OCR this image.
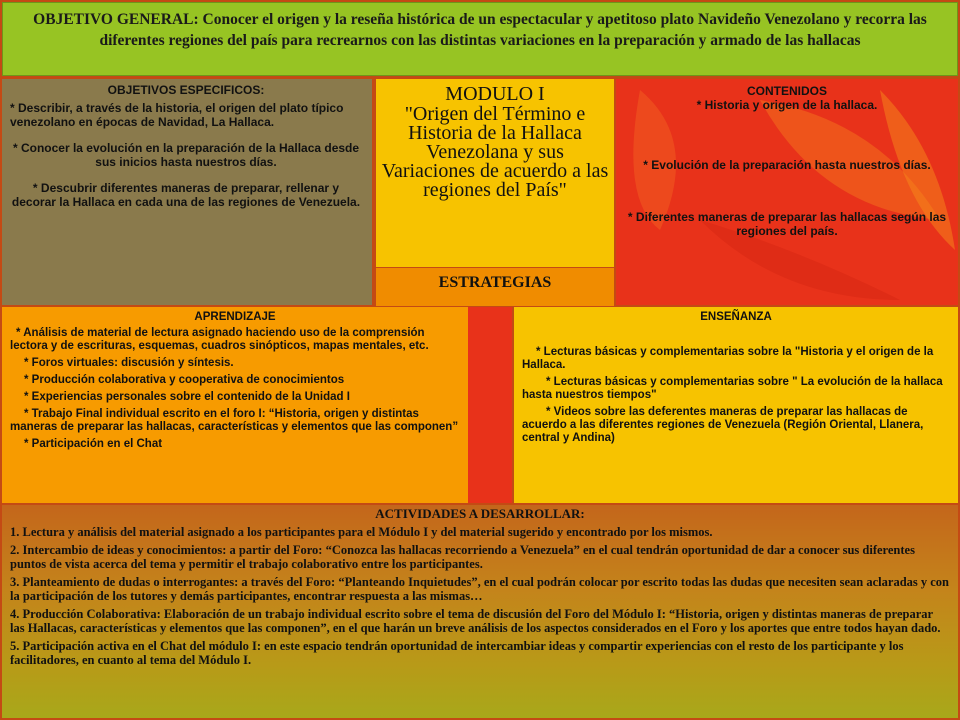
OBJETIVO GENERAL: Conocer el origen y la reseña histórica de un espectacular y apetitoso plato Navideño Venezolano y recorra las diferentes regiones del país para recrearnos con las distintas variaciones en la preparación y armado de las hallacas
OBJETIVOS ESPECIFICOS:

* Describir, a través de la historia, el origen del plato típico venezolano en épocas de Navidad, La Hallaca.

* Conocer la evolución en la preparación de la Hallaca desde sus inicios hasta nuestros días.

* Descubrir diferentes maneras de preparar, rellenar y decorar la Hallaca en cada una de las regiones de Venezuela.

MODULO I
"Origen del Término e Historia de la Hallaca Venezolana y sus Variaciones de acuerdo a las regiones del País"
ESTRATEGIAS

CONTENIDOS

* Historia y origen de la hallaca.

* Evolución de la preparación hasta nuestros días.

* Diferentes maneras de preparar las hallacas según las regiones del país.

APRENDIZAJE

* Análisis de material de lectura asignado haciendo uso de la comprensión lectora y de escrituras, esquemas, cuadros sinópticos, mapas mentales, etc.

* Foros virtuales: discusión y síntesis.

* Producción colaborativa y cooperativa de conocimientos

* Experiencias personales sobre el contenido de la Unidad I

* Trabajo Final individual escrito en el foro I: “Historia, origen y distintas maneras de preparar las hallacas, características y elementos que las componen”

* Participación en el Chat

ENSEÑANZA

* Lecturas básicas y complementarias sobre la "Historia y el origen de la Hallaca.

* Lecturas básicas y complementarias sobre " La evolución de la hallaca hasta nuestros tiempos"

* Videos sobre las deferentes maneras de preparar las hallacas de acuerdo a las diferentes regiones de Venezuela (Región Oriental, Llanera, central y Andina)

ACTIVIDADES A DESARROLLAR:

1. Lectura y análisis del material asignado a los participantes para el Módulo I y del material sugerido y encontrado por los mismos.

2. Intercambio de ideas y conocimientos: a partir del Foro: “Conozca las hallacas recorriendo a Venezuela” en el cual tendrán oportunidad de dar a conocer sus diferentes puntos de vista acerca del tema y permitir el trabajo colaborativo entre los participantes.

3. Planteamiento de dudas o interrogantes: a través del Foro: “Planteando Inquietudes”, en el cual podrán colocar por escrito todas las dudas que necesiten sean aclaradas y con la participación de los tutores y demás participantes, encontrar respuesta a las mismas…

4. Producción Colaborativa: Elaboración de un trabajo individual escrito sobre el tema de discusión del Foro del Módulo I: “Historia, origen y distintas maneras de preparar las Hallacas, características y elementos que las componen”, en el que harán un breve análisis de los aspectos considerados en el Foro y los aportes que entre todos hayan dado.

5. Participación activa en el Chat del módulo I: en este espacio tendrán oportunidad de intercambiar ideas y compartir experiencias con el resto de los participante y los facilitadores, en cuanto al tema del Módulo I.
